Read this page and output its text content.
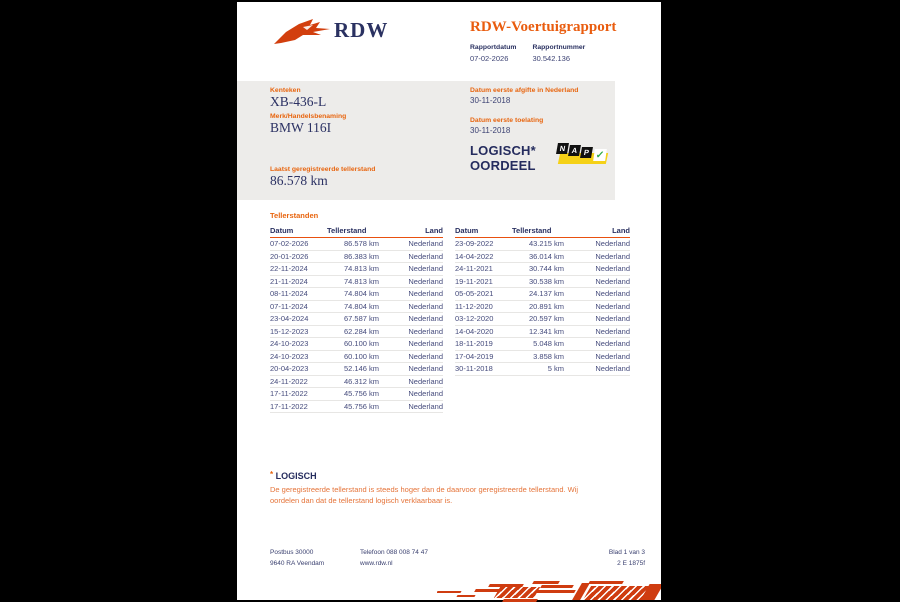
RDW	RDW-Voertuigrapport
Rapportdatum
07-02-2026
Rapportnummer
30.542.136
Kenteken
XB-436-L
Merk/Handelsbenaming
BMW 116I
Laatst geregistreerde tellerstand
86.578 km
Datum eerste afgifte in Nederland
30-11-2018
Datum eerste toelating
30-11-2018
LOGISCH*
OORDEEL
N A P ✓
Tellerstanden
Datum	Tellerstand	Land
07-02-2026	86.578 km	Nederland
20-01-2026	86.383 km	Nederland
22-11-2024	74.813 km	Nederland
21-11-2024	74.813 km	Nederland
08-11-2024	74.804 km	Nederland
07-11-2024	74.804 km	Nederland
23-04-2024	67.587 km	Nederland
15-12-2023	62.284 km	Nederland
24-10-2023	60.100 km	Nederland
24-10-2023	60.100 km	Nederland
20-04-2023	52.146 km	Nederland
24-11-2022	46.312 km	Nederland
17-11-2022	45.756 km	Nederland
17-11-2022	45.756 km	Nederland
Datum	Tellerstand	Land
23-09-2022	43.215 km	Nederland
14-04-2022	36.014 km	Nederland
24-11-2021	30.744 km	Nederland
19-11-2021	30.538 km	Nederland
05-05-2021	24.137 km	Nederland
11-12-2020	20.891 km	Nederland
03-12-2020	20.597 km	Nederland
14-04-2020	12.341 km	Nederland
18-11-2019	5.048 km	Nederland
17-04-2019	3.858 km	Nederland
30-11-2018	5 km	Nederland
* LOGISCH
De geregistreerde tellerstand is steeds hoger dan de daarvoor geregistreerde tellerstand. Wij oordelen dan dat de tellerstand logisch verklaarbaar is.
Postbus 30000
9640 RA Veendam
Telefoon 088 008 74 47
www.rdw.nl
Blad 1 van 3
2 E 1875f
